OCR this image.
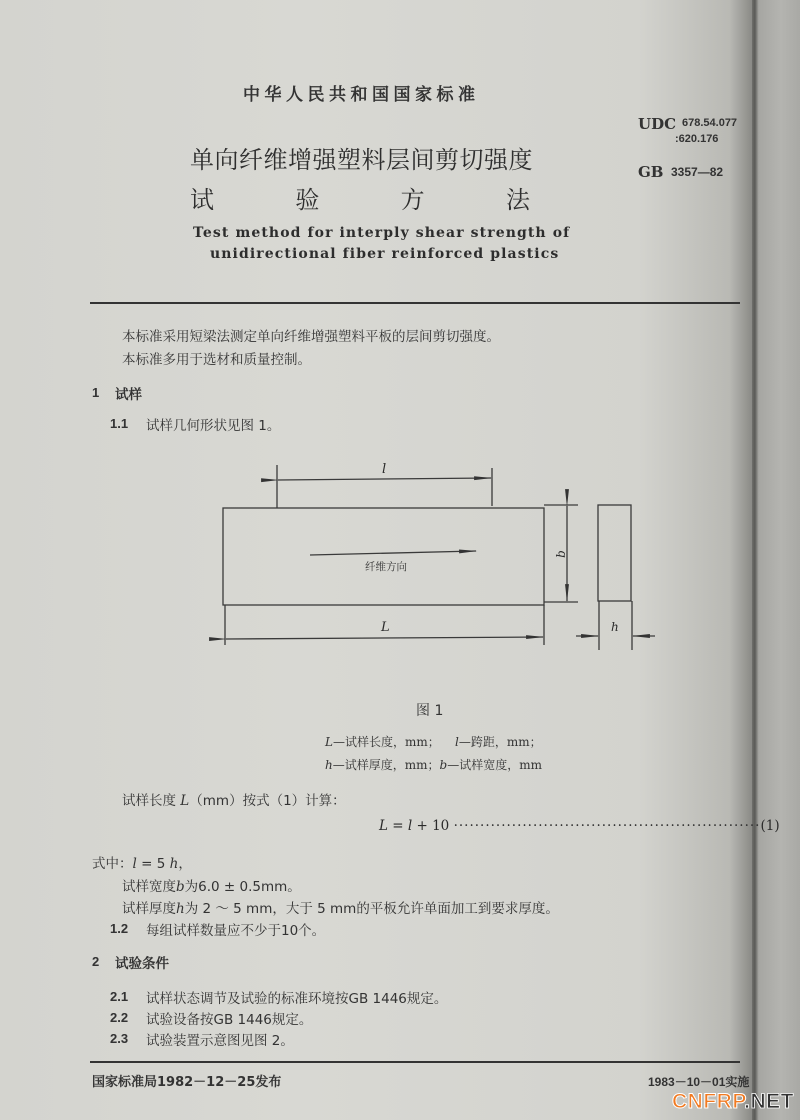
中华人民共和国国家标准
单向纤维增强塑料层间剪切强度
试	验	方	法
Test method for interply shear strength of
unidirectional fiber reinforced plastics
UDC 678.54.077
:620.176
GB 3357—82
本标准采用短梁法测定单向纤维增强塑料平板的层间剪切强度。
本标准多用于选材和质量控制。
1 试样
1.1 试样几何形状见图 1。
l
b
L	h
纤维方向
图 1
L—试样长度，mm； l—跨距，mm；
h—试样厚度，mm；b—试样宽度，mm
试样长度 L（mm）按式（1）计算：
L = l + 10 ··························································(1)
式中：l = 5 h，
试样宽度b为6.0 ± 0.5mm。
试样厚度h为 2 ～ 5 mm，大于 5 mm的平板允许单面加工到要求厚度。
1.2 每组试样数量应不少于10个。
2 试验条件
2.1 试样状态调节及试验的标准环境按GB 1446规定。
2.2 试验设备按GB 1446规定。
2.3 试验装置示意图见图 2。
国家标准局1982－12－25发布	1983－10－01实施
CNFRP.NET
